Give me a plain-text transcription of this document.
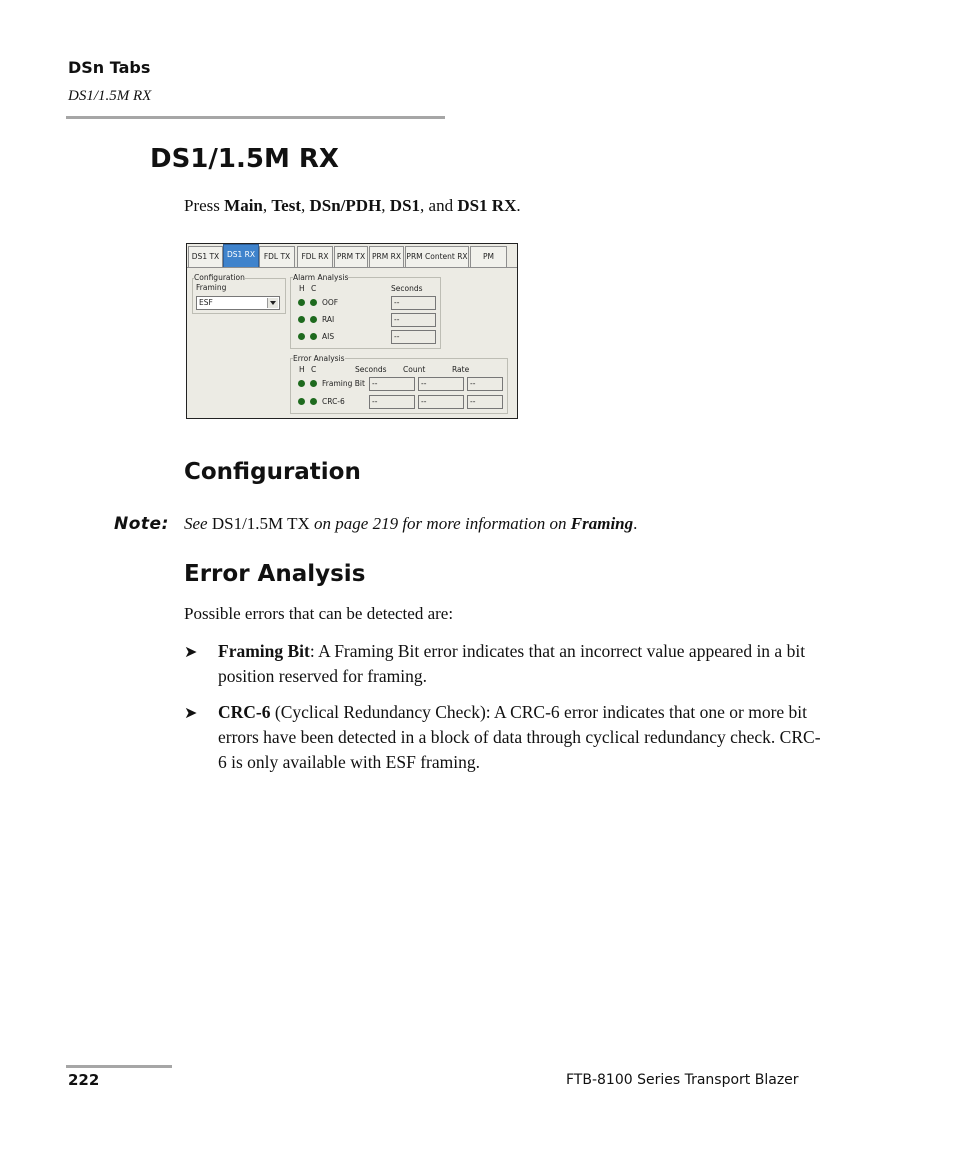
DSn Tabs
DS1/1.5M RX
DS1/1.5M RX
Press Main, Test, DSn/PDH, DS1, and DS1 RX.
DS1 TX	DS1 RX	FDL TX	FDL RX	PRM TX PRM RX PRM Content RX	PM
Configuration
Framing
ESF
Alarm Analysis
H C	Seconds
OOF	--
RAI	--
AIS	--
Error Analysis
H C	Seconds Count	Rate
Framing Bit --	--	--
CRC-6	--	--	--
Configuration
Note: See DS1/1.5M TX on page 219 for more information on Framing.
Error Analysis
Possible errors that can be detected are:
➤ Framing Bit: A Framing Bit error indicates that an incorrect value appeared in a bit position reserved for framing.
➤ CRC-6 (Cyclical Redundancy Check): A CRC-6 error indicates that one or more bit errors have been detected in a block of data through cyclical redundancy check. CRC-6 is only available with ESF framing.
222	FTB-8100 Series Transport Blazer
